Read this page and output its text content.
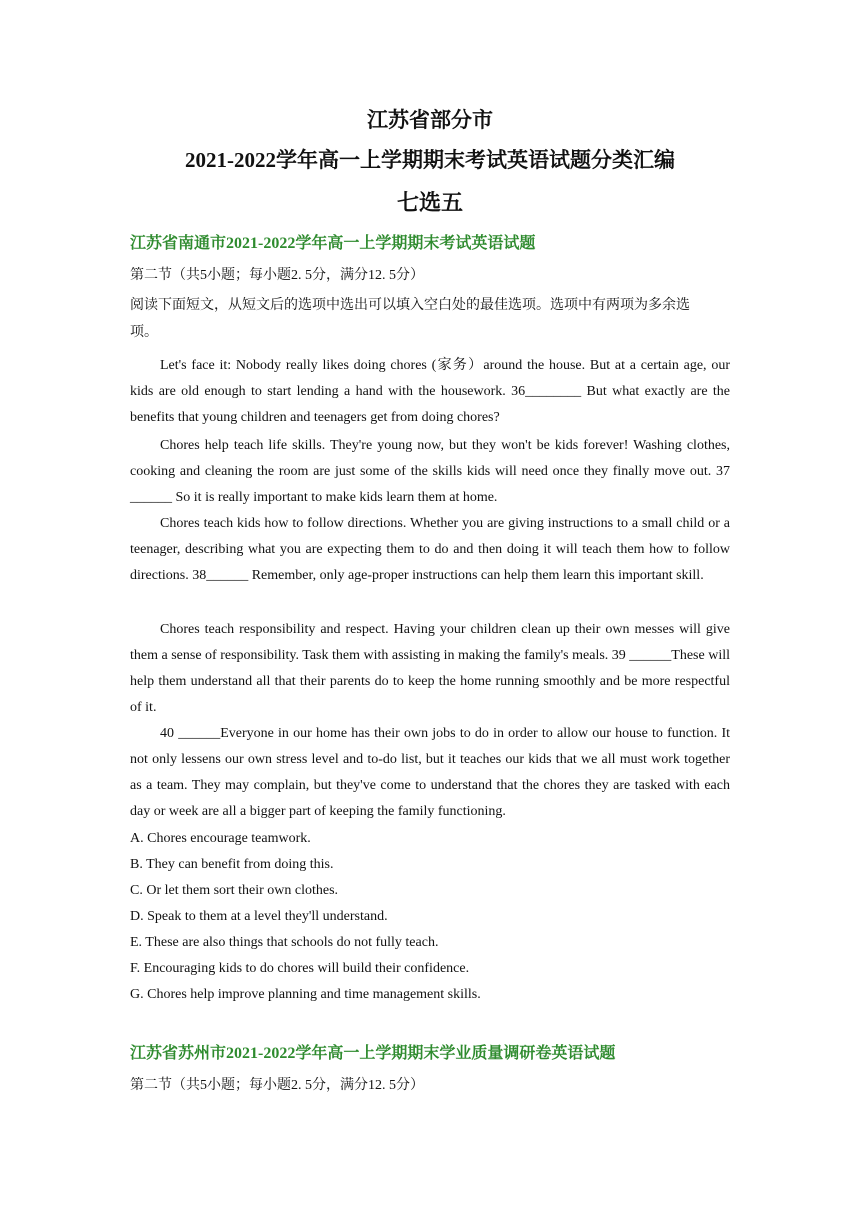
江苏省部分市
2021-2022学年高一上学期期末考试英语试题分类汇编
七选五
江苏省南通市2021-2022学年高一上学期期末考试英语试题
第二节（共5小题；每小题2. 5分，满分12. 5分）
阅读下面短文，从短文后的选项中选出可以填入空白处的最佳选项。选项中有两项为多余选
项。

Let's face it: Nobody really likes doing chores (家务）around the house. But at a certain age, our kids are old enough to start lending a hand with the housework. 36________ But what exactly are the benefits that young children and teenagers get from doing chores?

Chores help teach life skills. They're young now, but they won't be kids forever! Washing clothes, cooking and cleaning the room are just some of the skills kids will need once they finally move out. 37 ______ So it is really important to make kids learn them at home.

Chores teach kids how to follow directions. Whether you are giving instructions to a small child or a teenager, describing what you are expecting them to do and then doing it will teach them how to follow directions. 38______ Remember, only age-proper instructions can help them learn this important skill.

Chores teach responsibility and respect. Having your children clean up their own messes will give them a sense of responsibility. Task them with assisting in making the family's meals. 39 ______These will help them understand all that their parents do to keep the home running smoothly and be more respectful of it.

40 ______Everyone in our home has their own jobs to do in order to allow our house to function. It not only lessens our own stress level and to-do list, but it teaches our kids that we all must work together as a team. They may complain, but they've come to understand that the chores they are tasked with each day or week are all a bigger part of keeping the family functioning.

A. Chores encourage teamwork.
B. They can benefit from doing this.
C. Or let them sort their own clothes.
D. Speak to them at a level they'll understand.
E. These are also things that schools do not fully teach.
F. Encouraging kids to do chores will build their confidence.
G. Chores help improve planning and time management skills.
江苏省苏州市2021-2022学年高一上学期期末学业质量调研卷英语试题
第二节（共5小题；每小题2. 5分，满分12. 5分）
